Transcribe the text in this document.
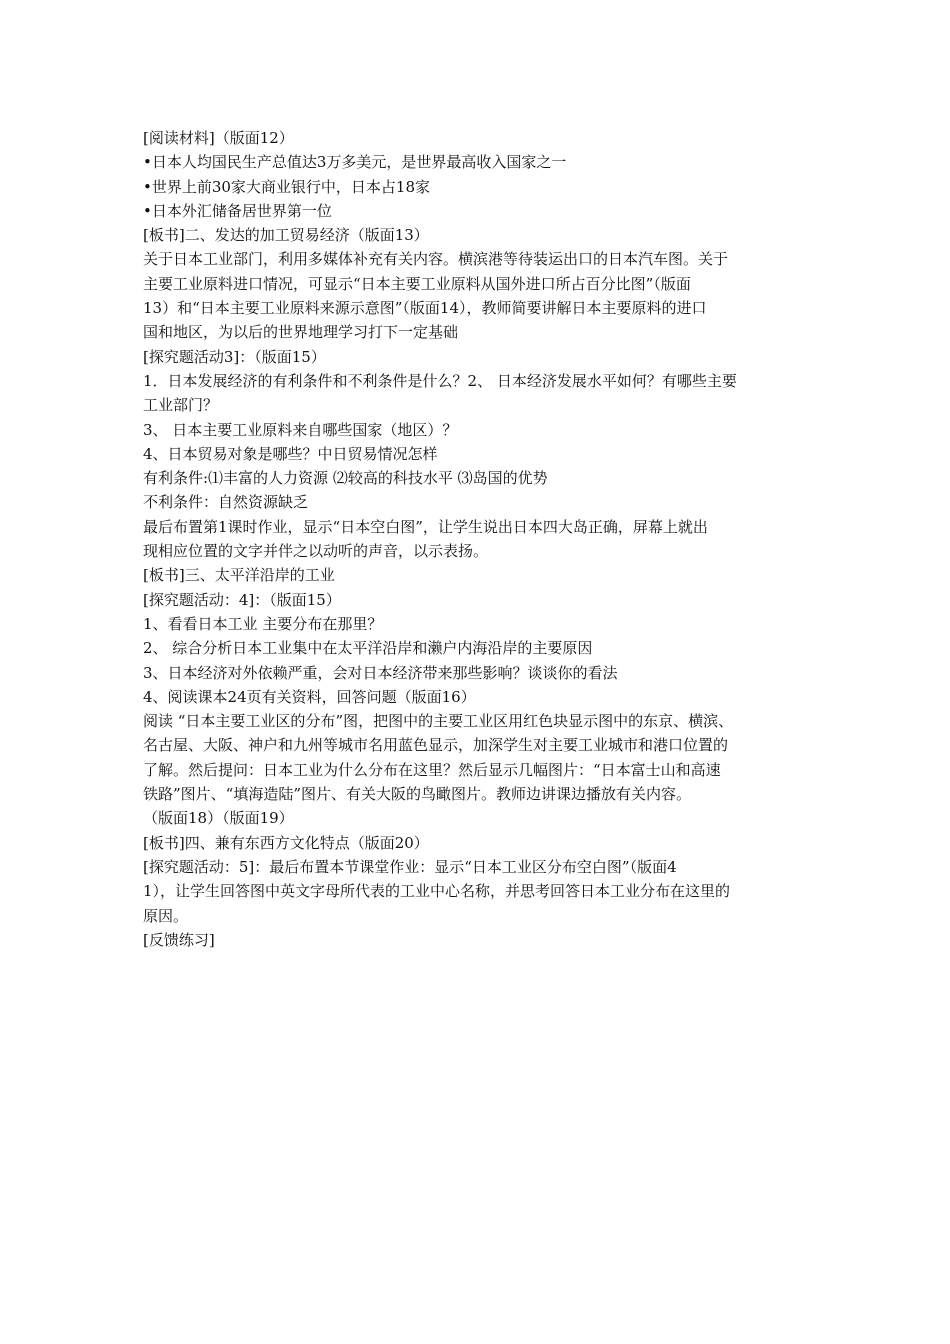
[阅读材料]（版面12）
•日本人均国民生产总值达3万多美元，是世界最高收入国家之一
•世界上前30家大商业银行中，日本占18家
•日本外汇储备居世界第一位
[板书]二、发达的加工贸易经济（版面13）
关于日本工业部门，利用多媒体补充有关内容。横滨港等待装运出口的日本汽车图。关于
主要工业原料进口情况，可显示“日本主要工业原料从国外进口所占百分比图”（版面
13）和“日本主要工业原料来源示意图”（版面14），教师简要讲解日本主要原料的进口
国和地区，为以后的世界地理学习打下一定基础
[探究题活动3]：（版面15）
1．日本发展经济的有利条件和不利条件是什么？2、 日本经济发展水平如何？有哪些主要
工业部门？
3、 日本主要工业原料来自哪些国家（地区）？
4、日本贸易对象是哪些？中日贸易情况怎样
有利条件:⑴丰富的人力资源 ⑵较高的科技水平 ⑶岛国的优势
不利条件：自然资源缺乏
最后布置第1课时作业，显示“日本空白图”，让学生说出日本四大岛正确，屏幕上就出
现相应位置的文字并伴之以动听的声音，以示表扬。
[板书]三、太平洋沿岸的工业
[探究题活动：4]：（版面15）
1、看看日本工业 主要分布在那里？
2、 综合分析日本工业集中在太平洋沿岸和濑户内海沿岸的主要原因
3、日本经济对外依赖严重，会对日本经济带来那些影响？谈谈你的看法
4、阅读课本24页有关资料，回答问题（版面16）
阅读 “日本主要工业区的分布”图，把图中的主要工业区用红色块显示图中的东京、横滨、
名古屋、大阪、神户和九州等城市名用蓝色显示，加深学生对主要工业城市和港口位置的
了解。然后提问：日本工业为什么分布在这里？然后显示几幅图片：“日本富士山和高速
铁路”图片、“填海造陆”图片、有关大阪的鸟瞰图片。教师边讲课边播放有关内容。
（版面18）（版面19）
[板书]四、兼有东西方文化特点（版面20）
[探究题活动：5]：最后布置本节课堂作业：显示“日本工业区分布空白图”（版面4
1），让学生回答图中英文字母所代表的工业中心名称，并思考回答日本工业分布在这里的
原因。
[反馈练习]
